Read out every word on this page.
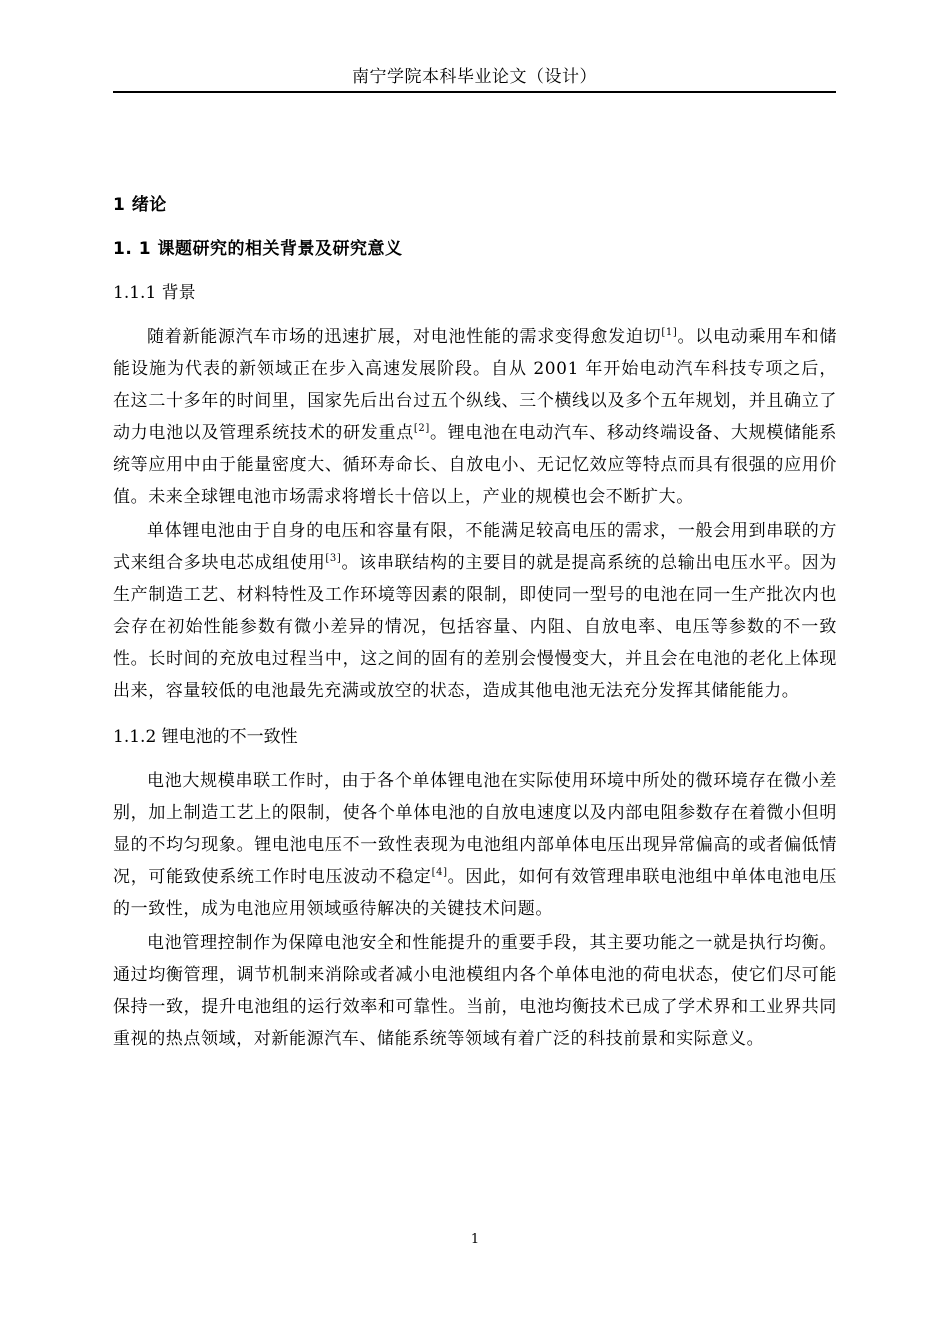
南宁学院本科毕业论文（设计）
1 绪论
1. 1 课题研究的相关背景及研究意义
1.1.1 背景

随着新能源汽车市场的迅速扩展，对电池性能的需求变得愈发迫切[1]。以电动乘用车和储能设施为代表的新领域正在步入高速发展阶段。自从 2001 年开始电动汽车科技专项之后，在这二十多年的时间里，国家先后出台过五个纵线、三个横线以及多个五年规划，并且确立了动力电池以及管理系统技术的研发重点[2]。锂电池在电动汽车、移动终端设备、大规模储能系统等应用中由于能量密度大、循环寿命长、自放电小、无记忆效应等特点而具有很强的应用价值。未来全球锂电池市场需求将增长十倍以上，产业的规模也会不断扩大。

单体锂电池由于自身的电压和容量有限，不能满足较高电压的需求，一般会用到串联的方式来组合多块电芯成组使用[3]。该串联结构的主要目的就是提高系统的总输出电压水平。因为生产制造工艺、材料特性及工作环境等因素的限制，即使同一型号的电池在同一生产批次内也会存在初始性能参数有微小差异的情况，包括容量、内阻、自放电率、电压等参数的不一致性。长时间的充放电过程当中，这之间的固有的差别会慢慢变大，并且会在电池的老化上体现出来，容量较低的电池最先充满或放空的状态，造成其他电池无法充分发挥其储能能力。

1.1.2 锂电池的不一致性

电池大规模串联工作时，由于各个单体锂电池在实际使用环境中所处的微环境存在微小差别，加上制造工艺上的限制，使各个单体电池的自放电速度以及内部电阻参数存在着微小但明显的不均匀现象。锂电池电压不一致性表现为电池组内部单体电压出现异常偏高的或者偏低情况，可能致使系统工作时电压波动不稳定[4]。因此，如何有效管理串联电池组中单体电池电压的一致性，成为电池应用领域亟待解决的关键技术问题。

电池管理控制作为保障电池安全和性能提升的重要手段，其主要功能之一就是执行均衡。通过均衡管理，调节机制来消除或者减小电池模组内各个单体电池的荷电状态，使它们尽可能保持一致，提升电池组的运行效率和可靠性。当前，电池均衡技术已成了学术界和工业界共同重视的热点领域，对新能源汽车、储能系统等领域有着广泛的科技前景和实际意义。

1
